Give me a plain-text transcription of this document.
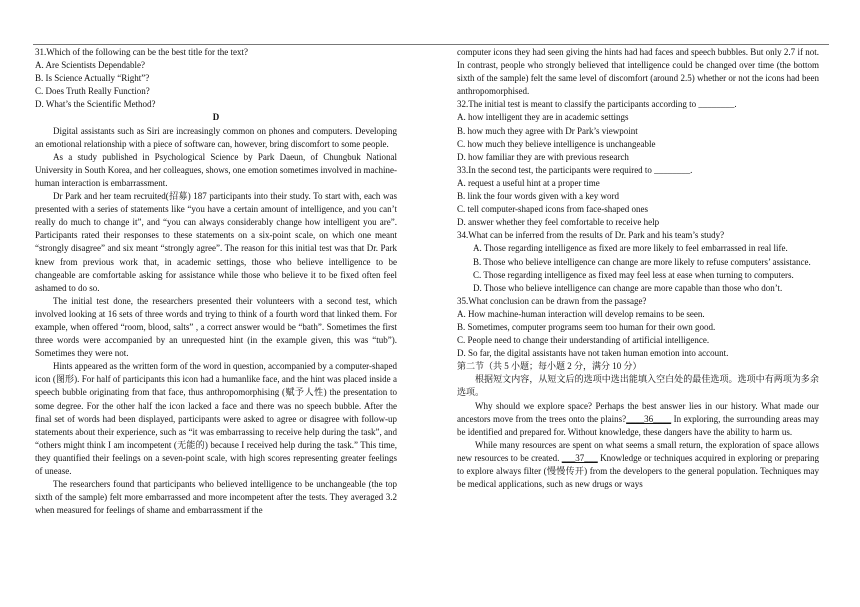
31.Which of the following can be the best title for the text?

A. Are Scientists Dependable?

B. Is Science Actually “Right”?

C. Does Truth Really Function?

D. What’s the Scientific Method?

D

Digital assistants such as Siri are increasingly common on phones and computers. Developing an emotional relationship with a piece of software can, however, bring discomfort to some people.

As a study published in Psychological Science by Park Daeun, of Chungbuk National University in South Korea, and her colleagues, shows, one emotion sometimes involved in machine-human interaction is embarrassment.

Dr Park and her team recruited(招募) 187 participants into their study. To start with, each was presented with a series of statements like “you have a certain amount of intelligence, and you can’t really do much to change it”, and “you can always considerably change how intelligent you are”. Participants rated their responses to these statements on a six-point scale, on which one meant “strongly disagree” and six meant “strongly agree”. The reason for this initial test was that Dr. Park knew from previous work that, in academic settings, those who believe intelligence to be changeable are comfortable asking for assistance while those who believe it to be fixed often feel ashamed to do so.

The initial test done, the researchers presented their volunteers with a second test, which involved looking at 16 sets of three words and trying to think of a fourth word that linked them. For example, when offered “room, blood, salts” , a correct answer would be “bath”. Sometimes the first three words were accompanied by an unrequested hint (in the example given, this was “tub”). Sometimes they were not.

Hints appeared as the written form of the word in question, accompanied by a computer-shaped icon (图形). For half of participants this icon had a humanlike face, and the hint was placed inside a speech bubble originating from that face, thus anthropomorphising (赋予人性) the presentation to some degree. For the other half the icon lacked a face and there was no speech bubble. After the final set of words had been displayed, participants were asked to agree or disagree with follow-up statements about their experience, such as “it was embarrassing to receive help during the task”, and “others might think I am incompetent (无能的) because I received help during the task.” This time, they quantified their feelings on a seven-point scale, with high scores representing greater feelings of unease.

The researchers found that participants who believed intelligence to be unchangeable (the top sixth of the sample) felt more embarrassed and more incompetent after the tests. They averaged 3.2 when measured for feelings of shame and embarrassment if the

computer icons they had seen giving the hints had had faces and speech bubbles. But only 2.7 if not. In contrast, people who strongly believed that intelligence could be changed over time (the bottom sixth of the sample) felt the same level of discomfort (around 2.5) whether or not the icons had been anthropomorphised.

32.The initial test is meant to classify the participants according to ________.

A. how intelligent they are in academic settings

B. how much they agree with Dr Park’s viewpoint

C. how much they believe intelligence is unchangeable

D. how familiar they are with previous research

33.In the second test, the participants were required to ________.

A. request a useful hint at a proper time

B. link the four words given with a key word

C. tell computer-shaped icons from face-shaped ones

D. answer whether they feel comfortable to receive help

34.What can be inferred from the results of Dr. Park and his team’s study?

A. Those regarding intelligence as fixed are more likely to feel embarrassed in real life.

B. Those who believe intelligence can change are more likely to refuse computers’ assistance.

C. Those regarding intelligence as fixed may feel less at ease when turning to computers.

D. Those who believe intelligence can change are more capable than those who don’t.

35.What conclusion can be drawn from the passage?

A. How machine-human interaction will develop remains to be seen.

B. Sometimes, computer programs seem too human for their own good.

C. People need to change their understanding of artificial intelligence.

D. So far, the digital assistants have not taken human emotion into account.

第二节（共 5 小题；每小题 2 分，满分 10 分）

根据短文内容，从短文后的选项中选出能填入空白处的最佳选项。选项中有两项为多余选项。

Why should we explore space? Perhaps the best answer lies in our history. What made our ancestors move from the trees onto the plains?____36____ In exploring, the surrounding areas may be identified and prepared for. Without knowledge, these dangers have the ability to harm us.

While many resources are spent on what seems a small return, the exploration of space allows new resources to be created. ___37___ Knowledge or techniques acquired in exploring or preparing to explore always filter (慢慢传开) from the developers to the general population. Techniques may be medical applications, such as new drugs or ways
